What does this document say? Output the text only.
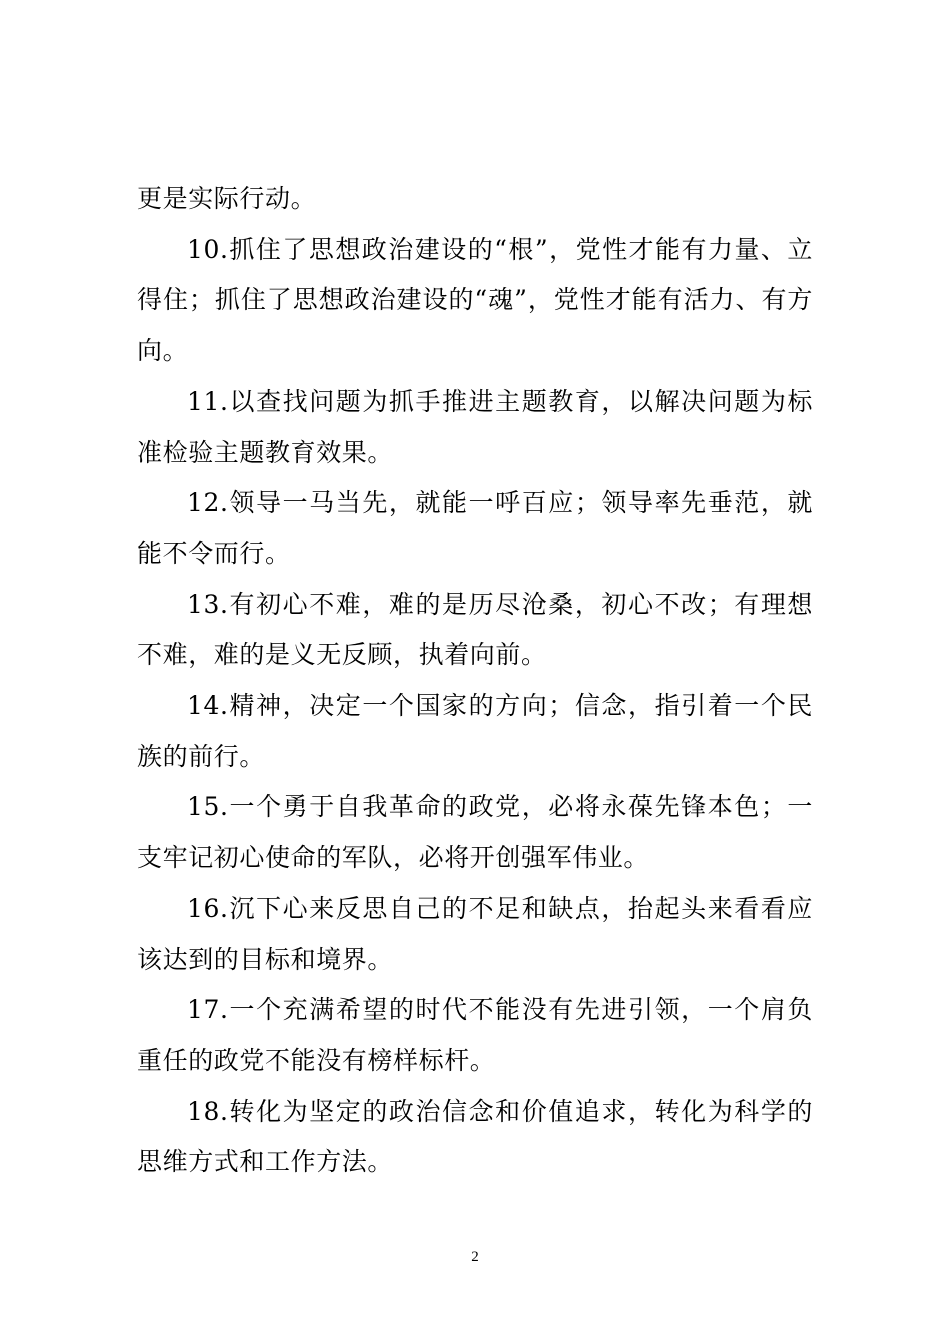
更是实际行动。

10.抓住了思想政治建设的“根”，党性才能有力量、立得住；抓住了思想政治建设的“魂”，党性才能有活力、有方向。

11.以查找问题为抓手推进主题教育，以解决问题为标准检验主题教育效果。

12.领导一马当先，就能一呼百应；领导率先垂范，就能不令而行。

13.有初心不难，难的是历尽沧桑，初心不改；有理想不难，难的是义无反顾，执着向前。

14.精神，决定一个国家的方向；信念，指引着一个民族的前行。

15.一个勇于自我革命的政党，必将永葆先锋本色；一支牢记初心使命的军队，必将开创强军伟业。

16.沉下心来反思自己的不足和缺点，抬起头来看看应该达到的目标和境界。

17.一个充满希望的时代不能没有先进引领，一个肩负重任的政党不能没有榜样标杆。

18.转化为坚定的政治信念和价值追求，转化为科学的思维方式和工作方法。

2
